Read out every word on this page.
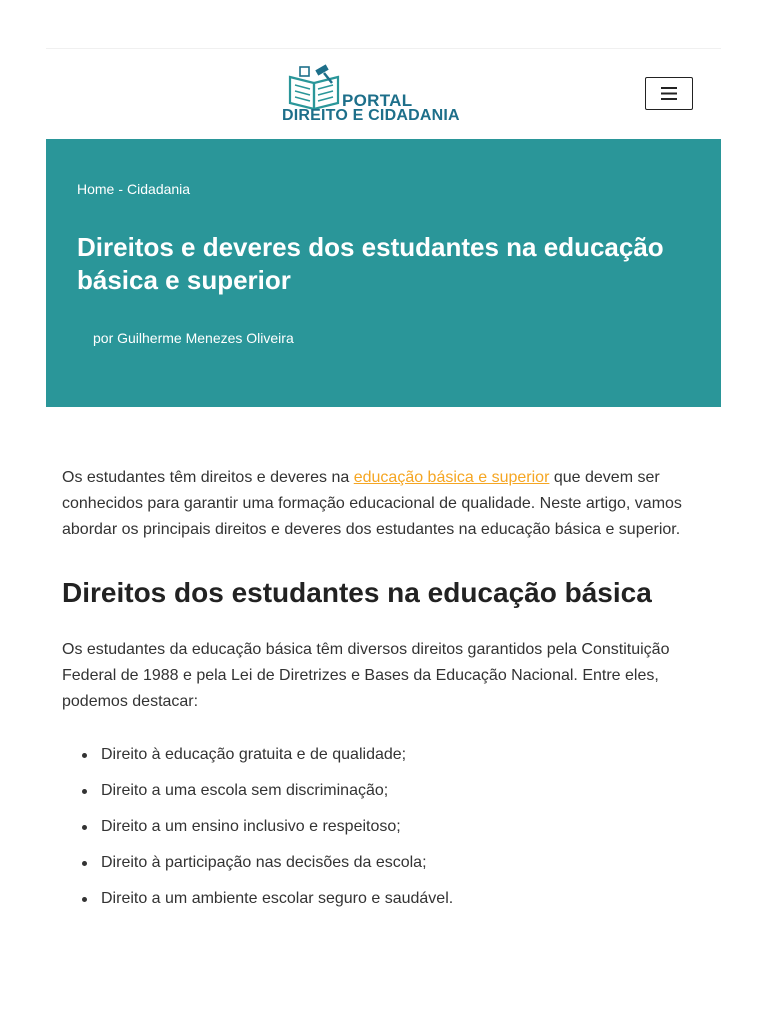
PORTAL
DIREITO E CIDADANIA
Home - Cidadania
Direitos e deveres dos estudantes na educação básica e superior
por Guilherme Menezes Oliveira

Os estudantes têm direitos e deveres na educação básica e superior que devem ser conhecidos para garantir uma formação educacional de qualidade. Neste artigo, vamos abordar os principais direitos e deveres dos estudantes na educação básica e superior.

Direitos dos estudantes na educação básica

Os estudantes da educação básica têm diversos direitos garantidos pela Constituição Federal de 1988 e pela Lei de Diretrizes e Bases da Educação Nacional. Entre eles, podemos destacar:

Direito à educação gratuita e de qualidade;
Direito a uma escola sem discriminação;
Direito a um ensino inclusivo e respeitoso;
Direito à participação nas decisões da escola;
Direito a um ambiente escolar seguro e saudável.
